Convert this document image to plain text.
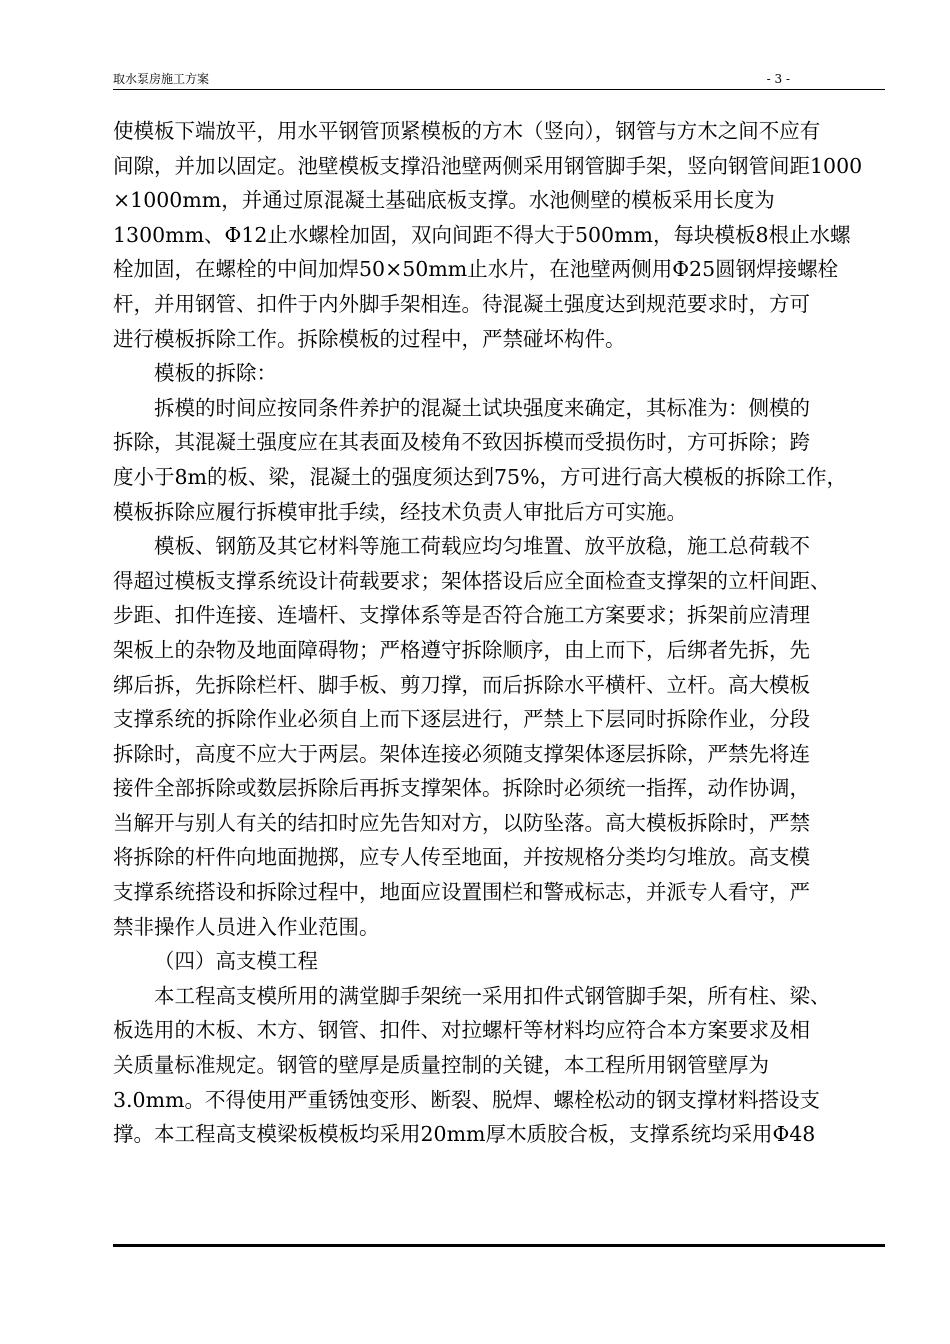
取水泵房施工方案	- 3 -
使模板下端放平，用水平钢管顶紧模板的方木（竖向），钢管与方木之间不应有
间隙，并加以固定。池壁模板支撑沿池壁两侧采用钢管脚手架，竖向钢管间距1000
×1000mm，并通过原混凝土基础底板支撑。水池侧壁的模板采用长度为
1300mm、Φ12止水螺栓加固，双向间距不得大于500mm，每块模板8根止水螺
栓加固，在螺栓的中间加焊50×50mm止水片，在池壁两侧用Φ25圆钢焊接螺栓
杆，并用钢管、扣件于内外脚手架相连。待混凝土强度达到规范要求时，方可
进行模板拆除工作。拆除模板的过程中，严禁碰坏构件。
模板的拆除：
拆模的时间应按同条件养护的混凝土试块强度来确定，其标准为：侧模的
拆除，其混凝土强度应在其表面及棱角不致因拆模而受损伤时，方可拆除；跨
度小于8m的板、梁，混凝土的强度须达到75%，方可进行高大模板的拆除工作，
模板拆除应履行拆模审批手续，经技术负责人审批后方可实施。
模板、钢筋及其它材料等施工荷载应均匀堆置、放平放稳，施工总荷载不
得超过模板支撑系统设计荷载要求；架体搭设后应全面检查支撑架的立杆间距、
步距、扣件连接、连墙杆、支撑体系等是否符合施工方案要求；拆架前应清理
架板上的杂物及地面障碍物；严格遵守拆除顺序，由上而下，后绑者先拆，先
绑后拆，先拆除栏杆、脚手板、剪刀撑，而后拆除水平横杆、立杆。高大模板
支撑系统的拆除作业必须自上而下逐层进行，严禁上下层同时拆除作业，分段
拆除时，高度不应大于两层。架体连接必须随支撑架体逐层拆除，严禁先将连
接件全部拆除或数层拆除后再拆支撑架体。拆除时必须统一指挥，动作协调，
当解开与别人有关的结扣时应先告知对方，以防坠落。高大模板拆除时，严禁
将拆除的杆件向地面抛掷，应专人传至地面，并按规格分类均匀堆放。高支模
支撑系统搭设和拆除过程中，地面应设置围栏和警戒标志，并派专人看守，严
禁非操作人员进入作业范围。
（四）高支模工程
本工程高支模所用的满堂脚手架统一采用扣件式钢管脚手架，所有柱、梁、
板选用的木板、木方、钢管、扣件、对拉螺杆等材料均应符合本方案要求及相
关质量标准规定。钢管的壁厚是质量控制的关键，本工程所用钢管壁厚为
3.0mm。不得使用严重锈蚀变形、断裂、脱焊、螺栓松动的钢支撑材料搭设支
撑。本工程高支模梁板模板均采用20mm厚木质胶合板，支撑系统均采用Φ48
